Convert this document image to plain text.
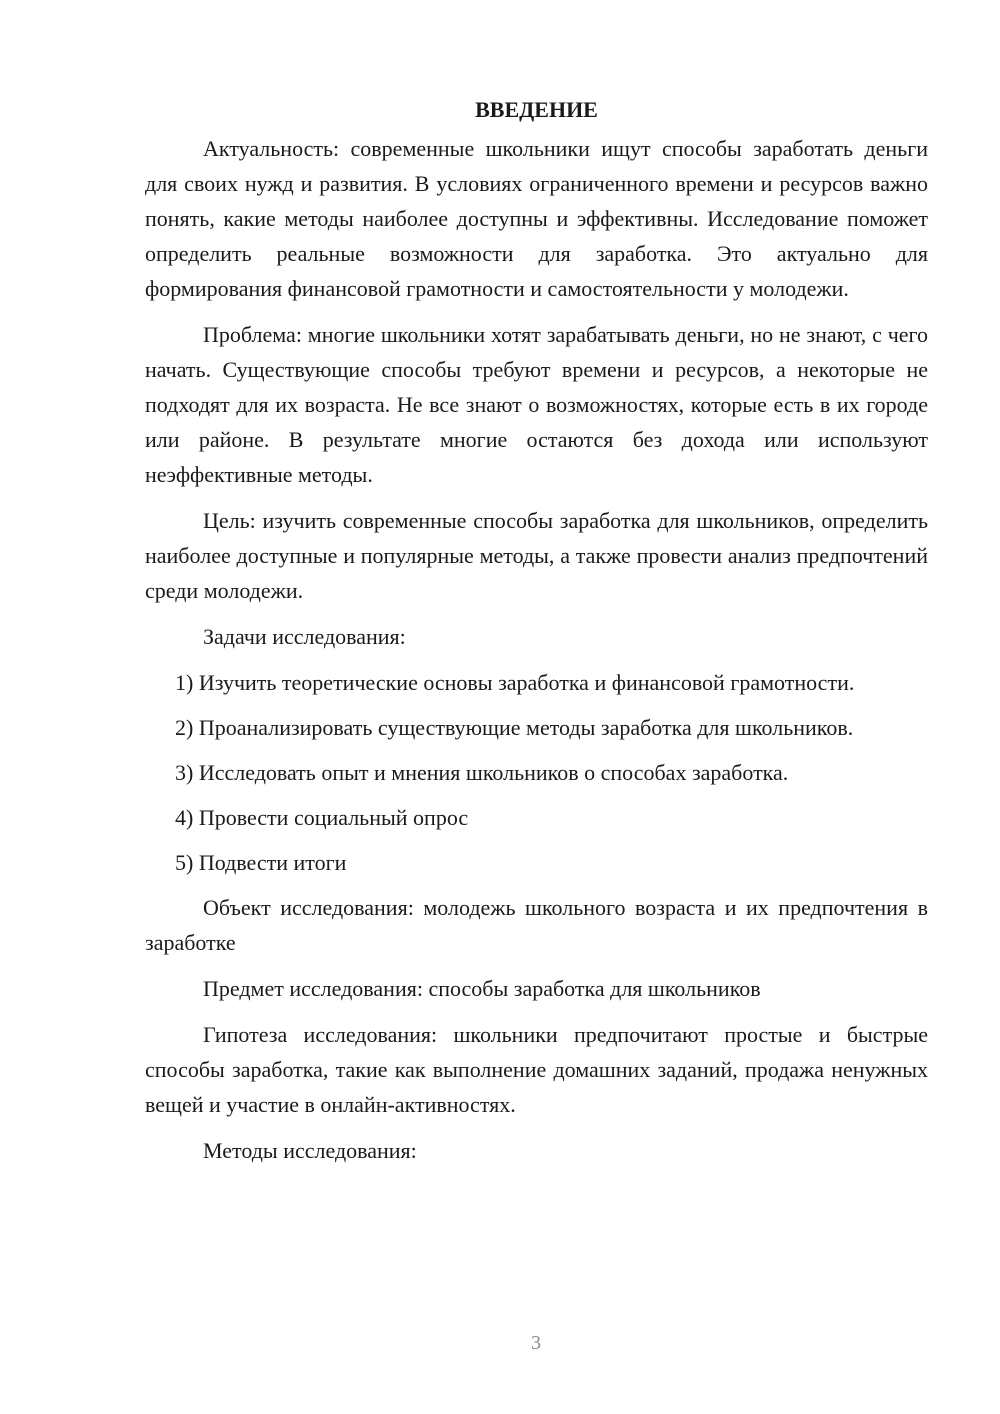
ВВЕДЕНИЕ

Актуальность: современные школьники ищут способы заработать деньги для своих нужд и развития. В условиях ограниченного времени и ресурсов важно понять, какие методы наиболее доступны и эффективны. Исследование поможет определить реальные возможности для заработка. Это актуально для формирования финансовой грамотности и самостоятельности у молодежи.

Проблема: многие школьники хотят зарабатывать деньги, но не знают, с чего начать. Существующие способы требуют времени и ресурсов, а некоторые не подходят для их возраста. Не все знают о возможностях, которые есть в их городе или районе. В результате многие остаются без дохода или используют неэффективные методы.

Цель: изучить современные способы заработка для школьников, определить наиболее доступные и популярные методы, а также провести анализ предпочтений среди молодежи.

Задачи исследования:

1) Изучить теоретические основы заработка и финансовой грамотности.

2) Проанализировать существующие методы заработка для школьников.

3) Исследовать опыт и мнения школьников о способах заработка.

4) Провести социальный опрос

5) Подвести итоги

Объект исследования: молодежь школьного возраста и их предпочтения в заработке

Предмет исследования: способы заработка для школьников

Гипотеза исследования: школьники предпочитают простые и быстрые способы заработка, такие как выполнение домашних заданий, продажа ненужных вещей и участие в онлайн-активностях.

Методы исследования:

3
